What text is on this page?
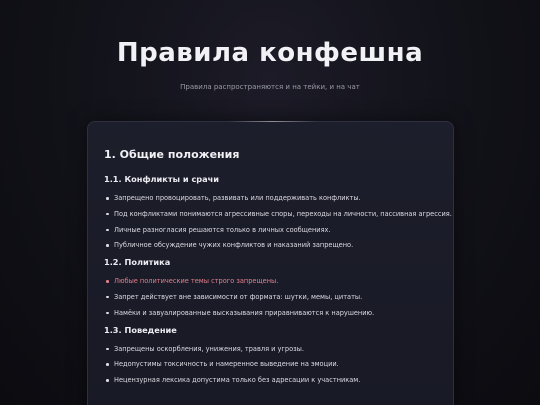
Правила конфешна

Правила распространяются и на тейки, и на чат

1. Общие положения
1.1. Конфликты и срачи
Запрещено провоцировать, развивать или поддерживать конфликты.
Под конфликтами понимаются агрессивные споры, переходы на личности, пассивная агрессия.
Личные разногласия решаются только в личных сообщениях.
Публичное обсуждение чужих конфликтов и наказаний запрещено.
1.2. Политика
Любые политические темы строго запрещены.
Запрет действует вне зависимости от формата: шутки, мемы, цитаты.
Намёки и завуалированные высказывания приравниваются к нарушению.
1.3. Поведение
Запрещены оскорбления, унижения, травля и угрозы.
Недопустимы токсичность и намеренное выведение на эмоции.
Нецензурная лексика допустима только без адресации к участникам.
